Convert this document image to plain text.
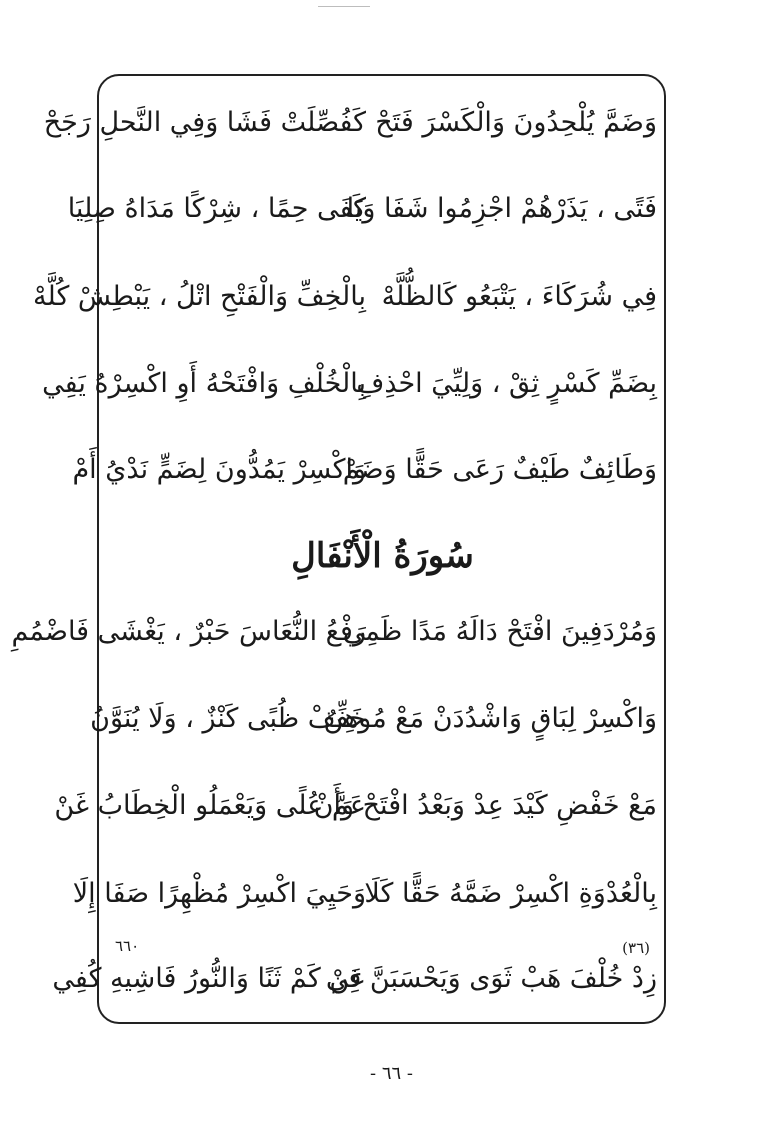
وَضَمَّ يُلْحِدُونَ وَالْكَسْرَ فَتَحْ
كَفُصِّلَتْ فَشَا وَفِي النَّحلِ رَجَحْ
فَتًى ، يَذَرْهُمْ اجْزِمُوا شَفَا وَيَا
كَفَى حِمًا ، شِرْكًا مَدَاهُ صِلِيَا
فِي شُرَكَاءَ ، يَتْبَعُو كَالظُّلَّهْ
بِالْخِفِّ وَالْفَتْحِ اتْلُ ، يَبْطِشْ كُلَّهْ
بِضَمِّ كَسْرٍ ثِقْ ، وَلِيِّيَ احْذِفِ
بِالْخُلْفِ وَافْتَحْهُ أَوِ اكْسِرْهُ يَفِي
وَطَائِفٌ طَيْفٌ رَعَى حَقًّا وَضَمْ
وَاكْسِرْ يَمُدُّونَ لِضَمٍّ نَدْيُ أَمْ
سُورَةُ الْأَنْفَالِ
وَمُرْدَفِينَ افْتَحْ دَالَهُ مَدًا ظَمِي
رَفْعُ النُّعَاسَ حَبْرٌ ، يَغْشَى فَاضْمُمِ
وَاكْسِرْ لِبَاقٍ وَاشْدُدَنْ مَعْ مُوهِنُ
خَفِّفْ ظُبًى كَنْزٌ ، وَلَا يُنَوَّنُ
مَعْ خَفْضِ كَيْدَ عِدْ وَبَعْدُ افْتَحْ وَأَنْ
عَمَّ عُلًى وَيَعْمَلُو الْخِطَابُ غَنْ
بِالْعُدْوَةِ اكْسِرْ ضَمَّهُ حَقًّا كَلَا
وَحَيِيَ اكْسِرْ مُظْهِرًا صَفَا إِلَا
(٣٦)
٦٦٠
زِدْ خُلْفَ هَبْ ثَوَى وَيَحْسَبَنَّ فِي
عَنْ كَمْ ثَنًا وَالنُّورُ فَاشِيهِ كُفِي
- ٦٦ -
